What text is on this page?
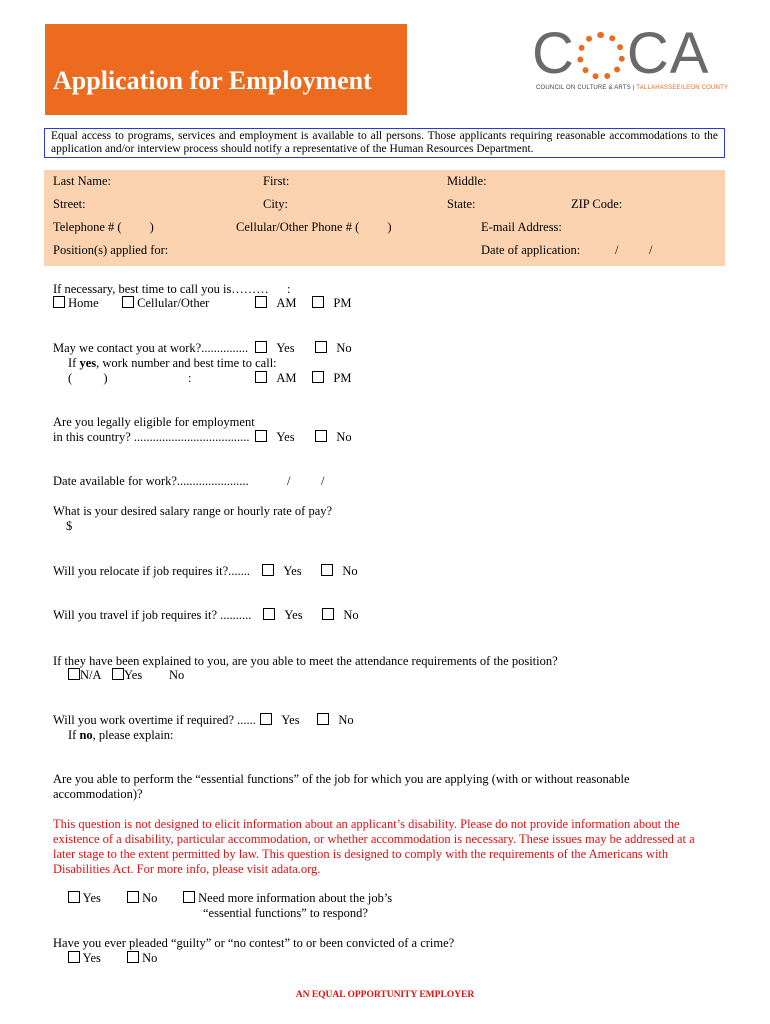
Application for Employment	C CA
COUNCIL ON CULTURE & ARTS | TALLAHASSEE/LEON COUNTY
Equal access to programs, services and employment is available to all persons. Those applicants requiring reasonable accommodations to the application and/or interview process should notify a representative of the Human Resources Department.
Last Name:	First:	Middle:
Street:	City:	State:	ZIP Code:
Telephone # (         )	Cellular/Other Phone # (         )	E-mail Address:
Position(s) applied for:	Date of application:	/ /
If necessary, best time to call you is……… :
Home	Cellular/Other	AM	PM
May we contact you at work?...............	Yes	No
If yes, work number and best time to call:
(          )	:	AM	PM
Are you legally eligible for employment
in this country? .....................................	Yes	No
Date available for work?.......................	/ /
What is your desired salary range or hourly rate of pay?
$
Will you relocate if job requires it?.......	Yes	No
Will you travel if job requires it? ..........	Yes	No
If they have been explained to you, are you able to meet the attendance requirements of the position?
N/A	Yes No
Will you work overtime if required? ......	Yes	No
If no, please explain:
Are you able to perform the “essential functions” of the job for which you are applying (with or without reasonable
accommodation)?
This question is not designed to elicit information about an applicant’s disability. Please do not provide information about the
existence of a disability, particular accommodation, or whether accommodation is necessary. These issues may be addressed at a
later stage to the extent permitted by law. This question is designed to comply with the requirements of the Americans with
Disabilities Act. For more info, please visit adata.org.
Yes	No	Need more information about the job’s
“essential functions” to respond?
Have you ever pleaded “guilty” or “no contest” to or been convicted of a crime?
Yes	No
AN EQUAL OPPORTUNITY EMPLOYER
